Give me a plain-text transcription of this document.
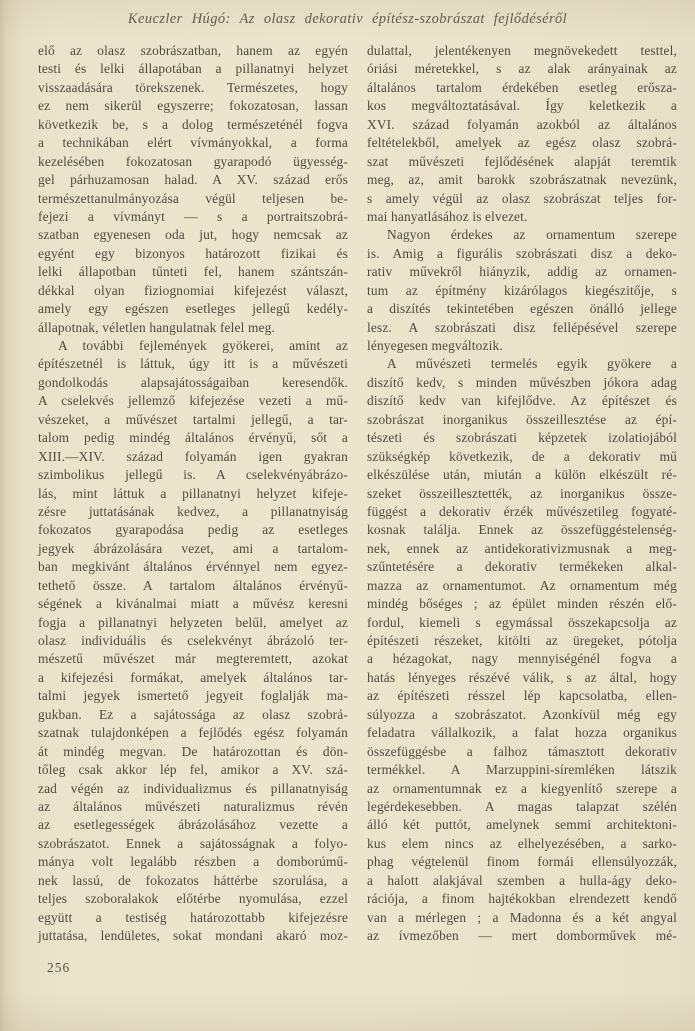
Keuczler Húgó: Az olasz dekorativ építész-szobrászat fejlődéséről
elő az olasz szobrászatban, hanem az egyén
testi és lelki állapotában a pillanatnyi helyzet
visszaadására törekszenek. Természetes, hogy
ez nem sikerül egyszerre; fokozatosan, lassan
következik be, s a dolog természeténél fogva
a technikában elért vívmányokkal, a forma
kezelésében fokozatosan gyarapodó ügyesség-
gel párhuzamosan halad. A XV. század erős
természettanulmányozása végül teljesen be-
fejezi a vívmányt — s a portraitszobrá-
szatban egyenesen oda jut, hogy nemcsak az
egyént egy bizonyos határozott fizikai és
lelki állapotban tűnteti fel, hanem szántszán-
dékkal olyan fiziognomiai kifejezést választ,
amely egy egészen esetleges jellegű kedély-
állapotnak, véletlen hangulatnak felel meg.
A további fejlemények gyökerei, amint az
építészetnél is láttuk, úgy itt is a művészeti
gondolkodás alapsajátosságaiban keresendők.
A cselekvés jellemző kifejezése vezeti a mű-
vészeket, a művészet tartalmi jellegű, a tar-
talom pedig mindég általános érvényű, sőt a
XIII.—XIV. század folyamán igen gyakran
szimbolikus jellegű is. A cselekvényábrázo-
lás, mint láttuk a pillanatnyi helyzet kifeje-
zésre juttatásának kedvez, a pillanatnyiság
fokozatos gyarapodása pedig az esetleges
jegyek ábrázolására vezet, ami a tartalom-
ban megkivánt általános érvénnyel nem egyez-
tethető össze. A tartalom általános érvényű-
ségének a kivánalmai miatt a művész keresni
fogja a pillanatnyi helyzeten belűl, amelyet az
olasz individuális és cselekvényt ábrázoló ter-
mészetű művészet már megteremtett, azokat
a kifejezési formákat, amelyek általános tar-
talmi jegyek ismertető jegyeit foglalják ma-
gukban. Ez a sajátossága az olasz szobrá-
szatnak tulajdonképen a fejlődés egész folyamán
át mindég megvan. De határozottan és dön-
tőleg csak akkor lép fel, amikor a XV. szá-
zad végén az individualizmus és pillanatnyiság
az általános művészeti naturalizmus révén
az esetlegességek ábrázolásához vezette a
szobrászatot. Ennek a sajátosságnak a folyo-
mánya volt legalább részben a domborúmű-
nek lassú, de fokozatos háttérbe szorulása, a
teljes szoboralakok előtérbe nyomulása, ezzel
együtt a testiség határozottabb kifejezésre
juttatása, lendületes, sokat mondani akaró moz-
dulattal, jelentékenyen megnövekedett testtel,
óriási méretekkel, s az alak arányainak az
általános tartalom érdekében esetleg erősza-
kos megváltoztatásával. Így keletkezik a
XVI. század folyamán azokból az általános
feltételekből, amelyek az egész olasz szobrá-
szat művészeti fejlődésének alapját teremtik
meg, az, amit barokk szobrászatnak nevezünk,
s amely végül az olasz szobrászat teljes for-
mai hanyatlásához is elvezet.
Nagyon érdekes az ornamentum szerepe
is. Amig a figurális szobrászati disz a deko-
rativ művekről hiányzik, addig az ornamen-
tum az építmény kizárólagos kiegészitője, s
a diszítés tekintetében egészen önálló jellege
lesz. A szobrászati disz fellépésével szerepe
lényegesen megváltozik.
A művészeti termelés egyik gyökere a
diszítő kedv, s minden művészben jókora adag
diszítő kedv van kifejlődve. Az építészet és
szobrászat inorganikus összeillesztése az épí-
tészeti és szobrászati képzetek izolatiojából
szükségkép következik, de a dekorativ mű
elkészülése után, miután a külön elkészült ré-
szeket összeillesztették, az inorganikus össze-
függést a dekorativ érzék művészetileg fogyaté-
kosnak találja. Ennek az összefüggéstelenség-
nek, ennek az antidekorativizmusnak a meg-
szűntetésére a dekorativ termékeken alkal-
mazza az ornamentumot. Az ornamentum még
mindég bőséges ; az épület minden részén elő-
fordul, kiemeli s egymással összekapcsolja az
építészeti részeket, kitölti az üregeket, pótolja
a hézagokat, nagy mennyiségénél fogva a
hatás lényeges részévé válik, s az által, hogy
az építészeti résszel lép kapcsolatba, ellen-
súlyozza a szobrászatot. Azonkívül még egy
feladatra vállalkozik, a falat hozza organikus
összefüggésbe a falhoz támasztott dekorativ
termékkel. A Marzuppini-síremléken látszik
az ornamentumnak ez a kiegyenlítő szerepe a
legérdekesebben. A magas talapzat szélén
álló két puttót, amelynek semmi architektoni-
kus elem nincs az elhelyezésében, a sarko-
phag végtelenül finom formái ellensúlyozzák,
a halott alakjával szemben a hulla-ágy deko-
rációja, a finom hajtékokban elrendezett kendő
van a mérlegen ; a Madonna és a két angyal
az ívmezőben — mert domborművek mé-
256
